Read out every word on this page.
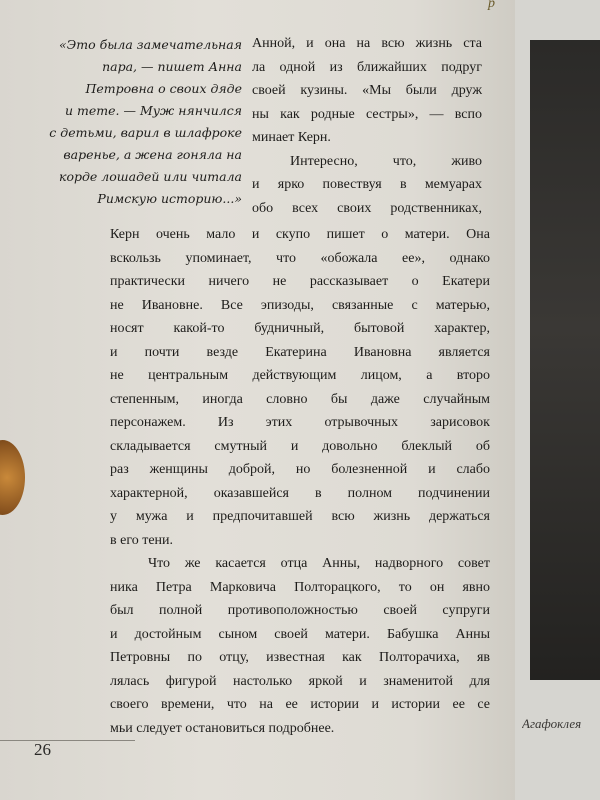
Агафоклея
р

«Это была замечательная
пара, — пишет Анна
Петровна о своих дяде
и тете. — Муж нянчился
с детьми, варил в шлафроке
варенье, а жена гоняла на
корде лошадей или читала
Римскую историю...»

Анной, и она на всю жизнь ста
ла одной из ближайших подруг
своей кузины. «Мы были друж
ны как родные сестры», — вспо
минает Керн.
Интересно, что, живо
и ярко повествуя в мемуарах
обо всех своих родственниках,
Керн очень мало и скупо пишет о матери. Она
вскользь упоминает, что «обожала ее», однако
практически ничего не рассказывает о Екатери
не Ивановне. Все эпизоды, связанные с матерью,
носят какой-то будничный, бытовой характер,
и почти везде Екатерина Ивановна является
не центральным действующим лицом, а второ
степенным, иногда словно бы даже случайным
персонажем. Из этих отрывочных зарисовок
складывается смутный и довольно блеклый об
раз женщины доброй, но болезненной и слабо
характерной, оказавшейся в полном подчинении
у мужа и предпочитавшей всю жизнь держаться
в его тени.
Что же касается отца Анны, надворного совет
ника Петра Марковича Полторацкого, то он явно
был полной противоположностью своей супруги
и достойным сыном своей матери. Бабушка Анны
Петровны по отцу, известная как Полторачиха, яв
лялась фигурой настолько яркой и знаменитой для
своего времени, что на ее истории и истории ее се
мьи следует остановиться подробнее.
26
